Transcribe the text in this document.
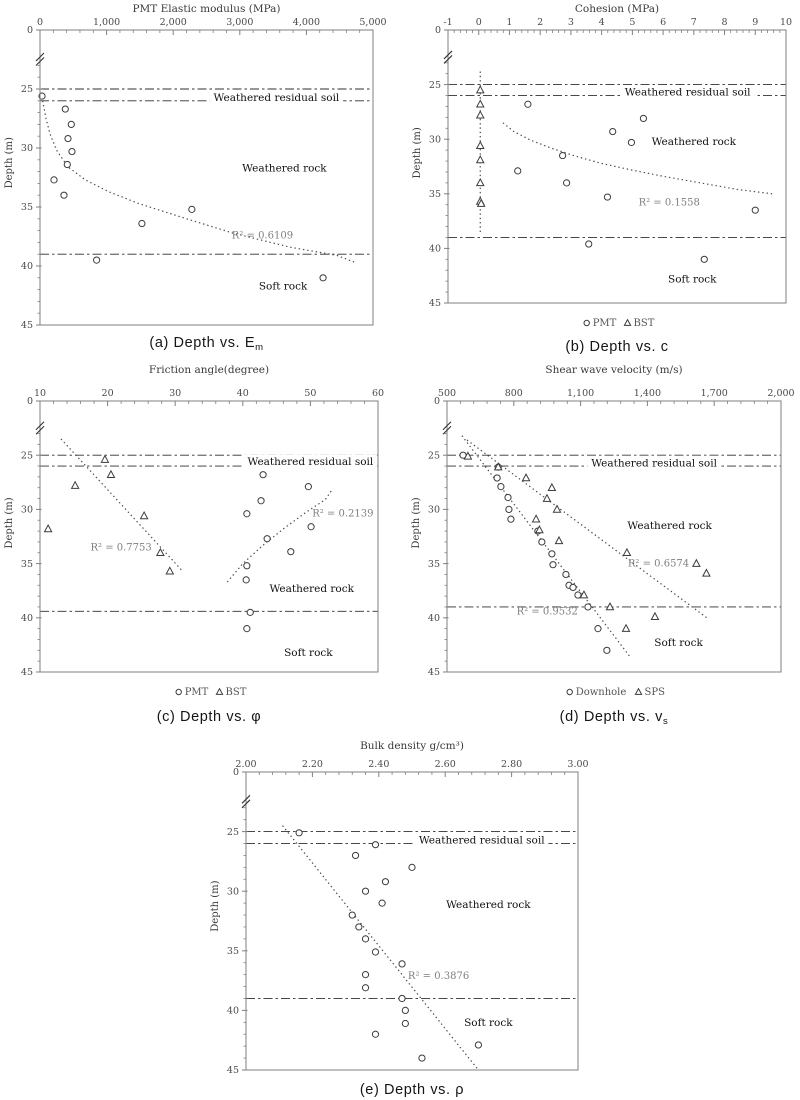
Weathered residual soil
Weathered rock
Soft rock
R² = 0.6109
0	1,000	2,000	3,000	4,000	5,000
PMT Elastic modulus (MPa)
0
25
30
35
40
45
Depth (m)
(a) Depth vs. $E_m$
Weathered residual soil
Weathered rock
Soft rock
R² = 0.1558
-1 0	1	2	3	4	5	6	7	8	9 10
Cohesion (MPa)
0
25
30
35
40
45
Depth (m)
PMT BST
(b) Depth vs. c
Weathered residual soil
Weathered rock
Soft rock
R² = 0.7753
R² = 0.2139
10	20	30	40	50	60
Friction angle(degree)
0
25
30
35
40
45
Depth (m)
PMT BST
(c) Depth vs. φ
Weathered residual soil
Weathered rock
Soft rock
R² = 0.6574
R² = 0.9532
500	800	1,100	1,400	1,700	2,000
Shear wave velocity (m/s)
0
25
30
35
40
45
Depth (m)
Downhole SPS
(d) Depth vs. $v_s$
Weathered residual soil
Weathered rock
Soft rock
R² = 0.3876
2.00	2.20	2.40	2.60	2.80	3.00
Bulk density g/cm³)
0
25
30
35
40
45
Depth (m)
(e) Depth vs. ρ
